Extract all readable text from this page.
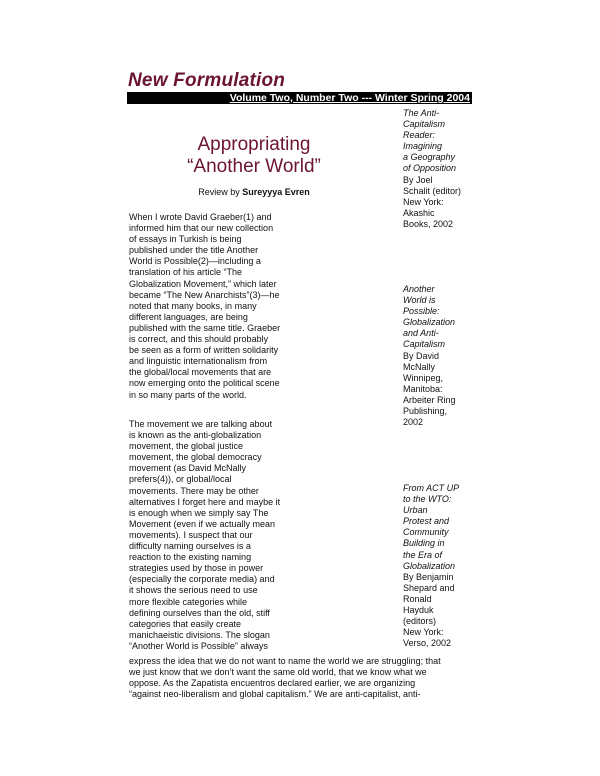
New Formulation
Volume Two, Number Two --- Winter Spring 2004
Appropriating
“Another World”
Review by Sureyyya Evren
When I wrote David Graeber(1) and
informed him that our new collection
of essays in Turkish is being
published under the title Another
World is Possible(2)—including a
translation of his article “The
Globalization Movement,” which later
became “The New Anarchists”(3)—he
noted that many books, in many
different languages, are being
published with the same title. Graeber
is correct, and this should probably
be seen as a form of written solidarity
and linguistic internationalism from
the global/local movements that are
now emerging onto the political scene
in so many parts of the world.
The movement we are talking about
is known as the anti-globalization
movement, the global justice
movement, the global democracy
movement (as David McNally
prefers(4)), or global/local
movements. There may be other
alternatives I forget here and maybe it
is enough when we simply say The
Movement (even if we actually mean
movements). I suspect that our
difficulty naming ourselves is a
reaction to the existing naming
strategies used by those in power
(especially the corporate media) and
it shows the serious need to use
more flexible categories while
defining ourselves than the old, stiff
categories that easily create
manichaeistic divisions. The slogan
“Another World is Possible” always
express the idea that we do not want to name the world we are struggling; that
we just know that we don’t want the same old world, that we know what we
oppose. As the Zapatista encuentros declared earlier, we are organizing
“against neo-liberalism and global capitalism.” We are anti-capitalist, anti-
The Anti-
Capitalism
Reader:
Imagining
a Geography
of Opposition
By Joel
Schalit (editor)
New York:
Akashic
Books, 2002
Another
World is
Possible:
Globalization
and Anti-
Capitalism
By David
McNally
Winnipeg,
Manitoba:
Arbeiter Ring
Publishing,
2002
From ACT UP
to the WTO:
Urban
Protest and
Community
Building in
the Era of
Globalization
By Benjamin
Shepard and
Ronald
Hayduk
(editors)
New York:
Verso, 2002
